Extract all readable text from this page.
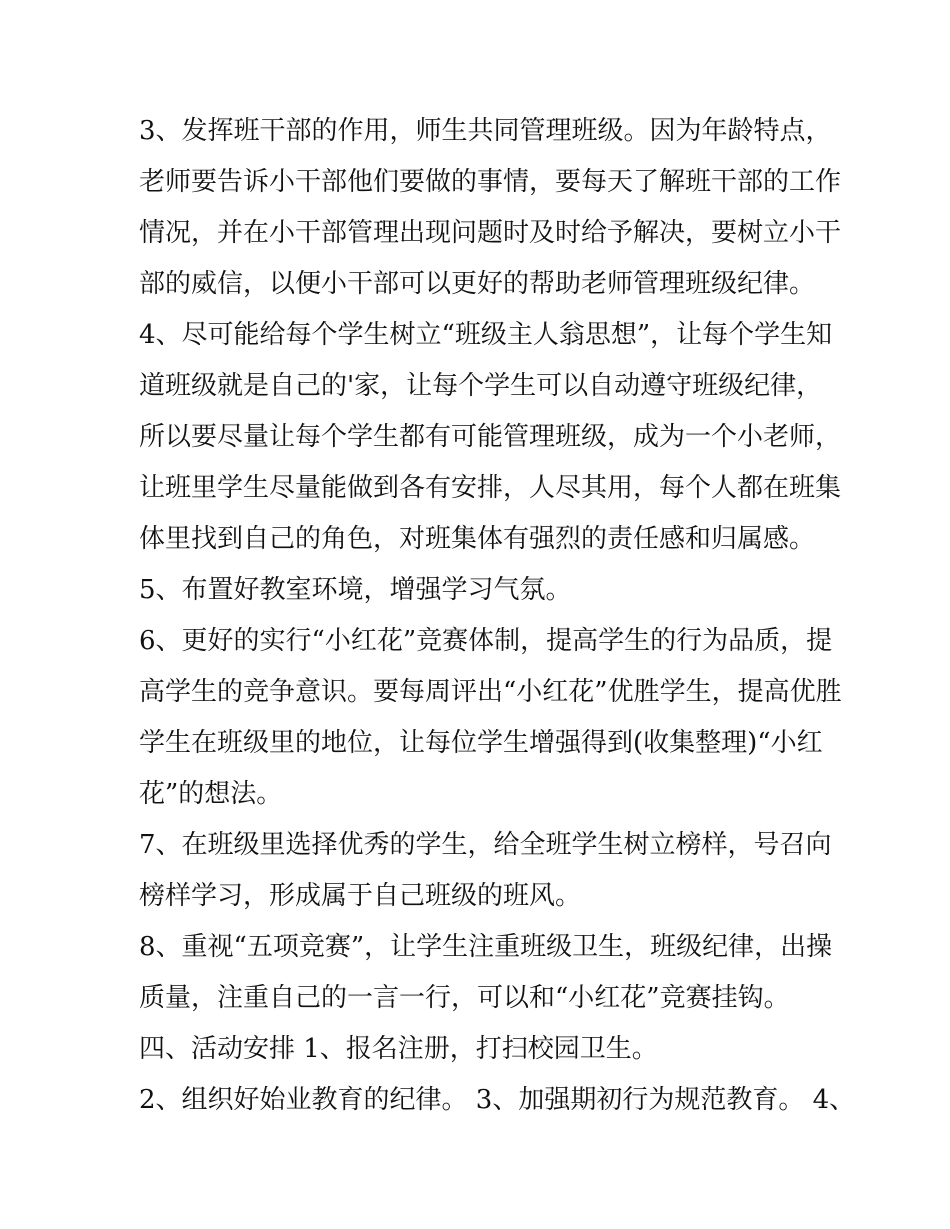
3、发挥班干部的作用，师生共同管理班级。因为年龄特点，
老师要告诉小干部他们要做的事情，要每天了解班干部的工作
情况，并在小干部管理出现问题时及时给予解决，要树立小干
部的威信，以便小干部可以更好的帮助老师管理班级纪律。
4、尽可能给每个学生树立“班级主人翁思想”，让每个学生知
道班级就是自己的'家，让每个学生可以自动遵守班级纪律，
所以要尽量让每个学生都有可能管理班级，成为一个小老师，
让班里学生尽量能做到各有安排，人尽其用，每个人都在班集
体里找到自己的角色，对班集体有强烈的责任感和归属感。
5、布置好教室环境，增强学习气氛。
6、更好的实行“小红花”竞赛体制，提高学生的行为品质，提
高学生的竞争意识。要每周评出“小红花”优胜学生，提高优胜
学生在班级里的地位，让每位学生增强得到(收集整理)“小红
花”的想法。
7、在班级里选择优秀的学生，给全班学生树立榜样，号召向
榜样学习，形成属于自己班级的班风。
8、重视“五项竞赛”，让学生注重班级卫生，班级纪律，出操
质量，注重自己的一言一行，可以和“小红花”竞赛挂钩。
四、活动安排 1、报名注册，打扫校园卫生。
2、组织好始业教育的纪律。 3、加强期初行为规范教育。 4、
